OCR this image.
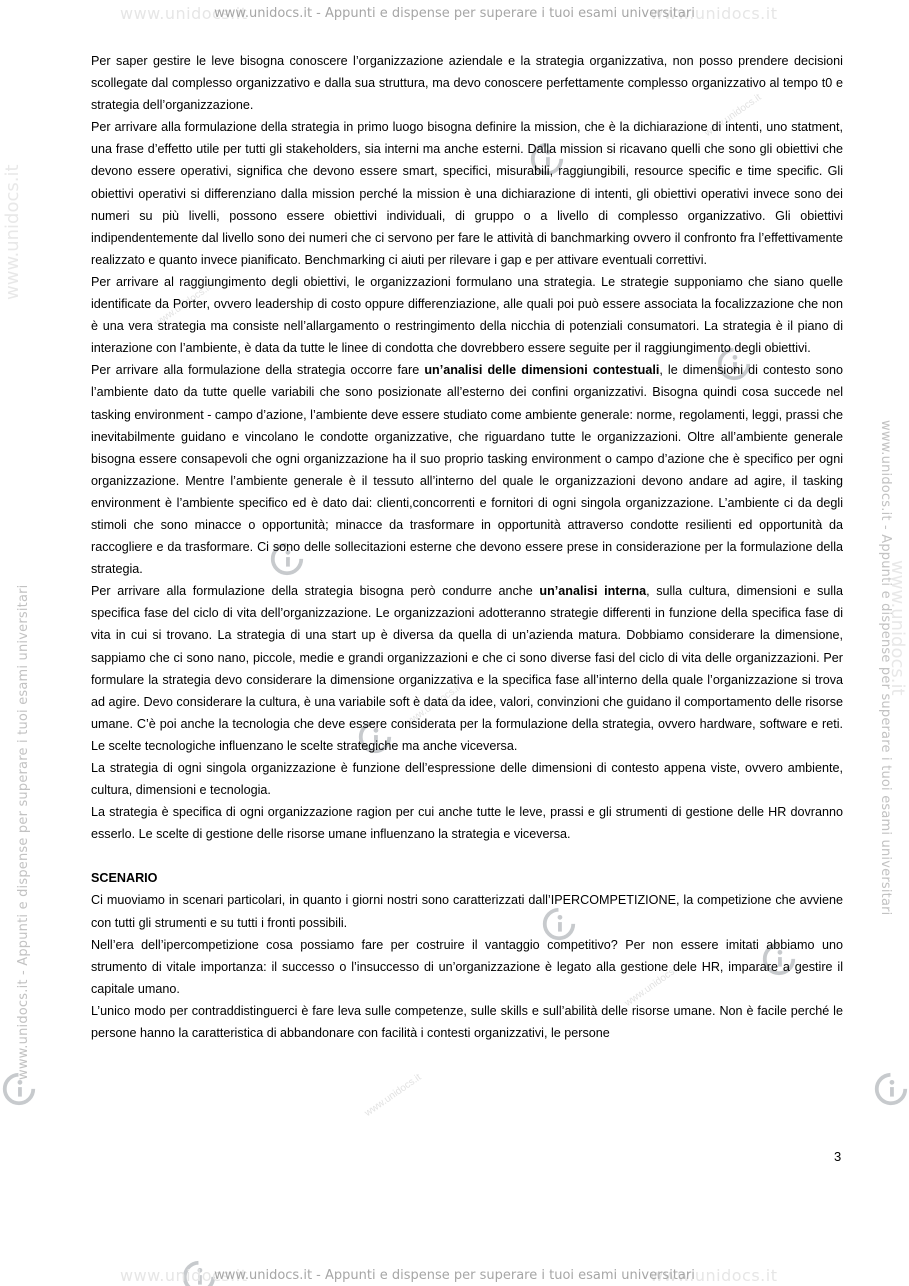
www.unidocs.it	www.unidocs.it
www.unidocs.it - Appunti e dispense per superare i tuoi esami universitari
www.unidocs.it
www.unidocs.it - Appunti e dispense per superare i tuoi esami universitari	www.unidocs.it - Appunti e dispense per superare i tuoi esami universitari
www.unidocs.it
www.unidocs.it
www.unidocs.it
www.unidocs.it
www.unidocs.it
www.unidocs.it

Per saper gestire le leve bisogna conoscere l’organizzazione aziendale e la strategia organizzativa, non posso prendere decisioni scollegate dal complesso organizzativo e dalla sua struttura, ma devo conoscere perfettamente complesso organizzativo al tempo t0 e strategia dell’organizzazione.

Per arrivare alla formulazione della strategia in primo luogo bisogna definire la mission, che è la dichiarazione di intenti, uno statment, una frase d’effetto utile per tutti gli stakeholders, sia interni ma anche esterni. Dalla mission si ricavano quelli che sono gli obiettivi che devono essere operativi, significa che devono essere smart, specifici, misurabili, raggiungibili, resource specific e time specific. Gli obiettivi operativi si differenziano dalla mission perché la mission è una dichiarazione di intenti, gli obiettivi operativi invece sono dei numeri su più livelli, possono essere obiettivi individuali, di gruppo o a livello di complesso organizzativo. Gli obiettivi indipendentemente dal livello sono dei numeri che ci servono per fare le attività di banchmarking ovvero il confronto fra l’effettivamente realizzato e quanto invece pianificato. Benchmarking ci aiuti per rilevare i gap e per attivare eventuali correttivi.

Per arrivare al raggiungimento degli obiettivi, le organizzazioni formulano una strategia. Le strategie supponiamo che siano quelle identificate da Porter, ovvero leadership di costo oppure differenziazione, alle quali poi può essere associata la focalizzazione che non è una vera strategia ma consiste nell’allargamento o restringimento della nicchia di potenziali consumatori. La strategia è il piano di interazione con l’ambiente, è data da tutte le linee di condotta che dovrebbero essere seguite per il raggiungimento degli obiettivi.

Per arrivare alla formulazione della strategia occorre fare un’analisi delle dimensioni contestuali, le dimensioni di contesto sono l’ambiente dato da tutte quelle variabili che sono posizionate all’esterno dei confini organizzativi. Bisogna quindi cosa succede nel tasking environment - campo d’azione, l’ambiente deve essere studiato come ambiente generale: norme, regolamenti, leggi, prassi che inevitabilmente guidano e vincolano le condotte organizzative, che riguardano tutte le organizzazioni. Oltre all’ambiente generale bisogna essere consapevoli che ogni organizzazione ha il suo proprio tasking environment o campo d’azione che è specifico per ogni organizzazione. Mentre l’ambiente generale è il tessuto all’interno del quale le organizzazioni devono andare ad agire, il tasking environment è l’ambiente specifico ed è dato dai: clienti,concorrenti e fornitori di ogni singola organizzazione. L’ambiente ci da degli stimoli che sono minacce o opportunità; minacce da trasformare in opportunità attraverso condotte resilienti ed opportunità da raccogliere e da trasformare. Ci sono delle sollecitazioni esterne che devono essere prese in considerazione per la formulazione della strategia.

Per arrivare alla formulazione della strategia bisogna però condurre anche un’analisi interna, sulla cultura, dimensioni e sulla specifica fase del ciclo di vita dell’organizzazione. Le organizzazioni adotteranno strategie differenti in funzione della specifica fase di vita in cui si trovano. La strategia di una start up è diversa da quella di un’azienda matura. Dobbiamo considerare la dimensione, sappiamo che ci sono nano, piccole, medie e grandi organizzazioni e che ci sono diverse fasi del ciclo di vita delle organizzazioni. Per formulare la strategia devo considerare la dimensione organizzativa e la specifica fase all’interno della quale l’organizzazione si trova ad agire. Devo considerare la cultura, è una variabile soft è data da idee, valori, convinzioni che guidano il comportamento delle risorse umane. C’è poi anche la tecnologia che deve essere considerata per la formulazione della strategia, ovvero hardware, software e reti. Le scelte tecnologiche influenzano le scelte strategiche ma anche viceversa.

La strategia di ogni singola organizzazione è funzione dell’espressione delle dimensioni di contesto appena viste, ovvero ambiente, cultura, dimensioni e tecnologia.

La strategia è specifica di ogni organizzazione ragion per cui anche tutte le leve, prassi e gli strumenti di gestione delle HR dovranno esserlo. Le scelte di gestione delle risorse umane influenzano la strategia e viceversa.

SCENARIO

Ci muoviamo in scenari particolari, in quanto i giorni nostri sono caratterizzati dall’IPERCOMPETIZIONE, la competizione che avviene con tutti gli strumenti e su tutti i fronti possibili.

Nell’era dell’ipercompetizione cosa possiamo fare per costruire il vantaggio competitivo? Per non essere imitati abbiamo uno strumento di vitale importanza: il successo o l’insuccesso di un’organizzazione è legato alla gestione dele HR, imparare a gestire il capitale umano.

L’unico modo per contraddistinguerci è fare leva sulle competenze, sulle skills e sull’abilità delle risorse umane. Non è facile perché le persone hanno la caratteristica di abbandonare con facilità i contesti organizzativi, le persone

3
www.unidocs.it	www.unidocs.it
www.unidocs.it - Appunti e dispense per superare i tuoi esami universitari
